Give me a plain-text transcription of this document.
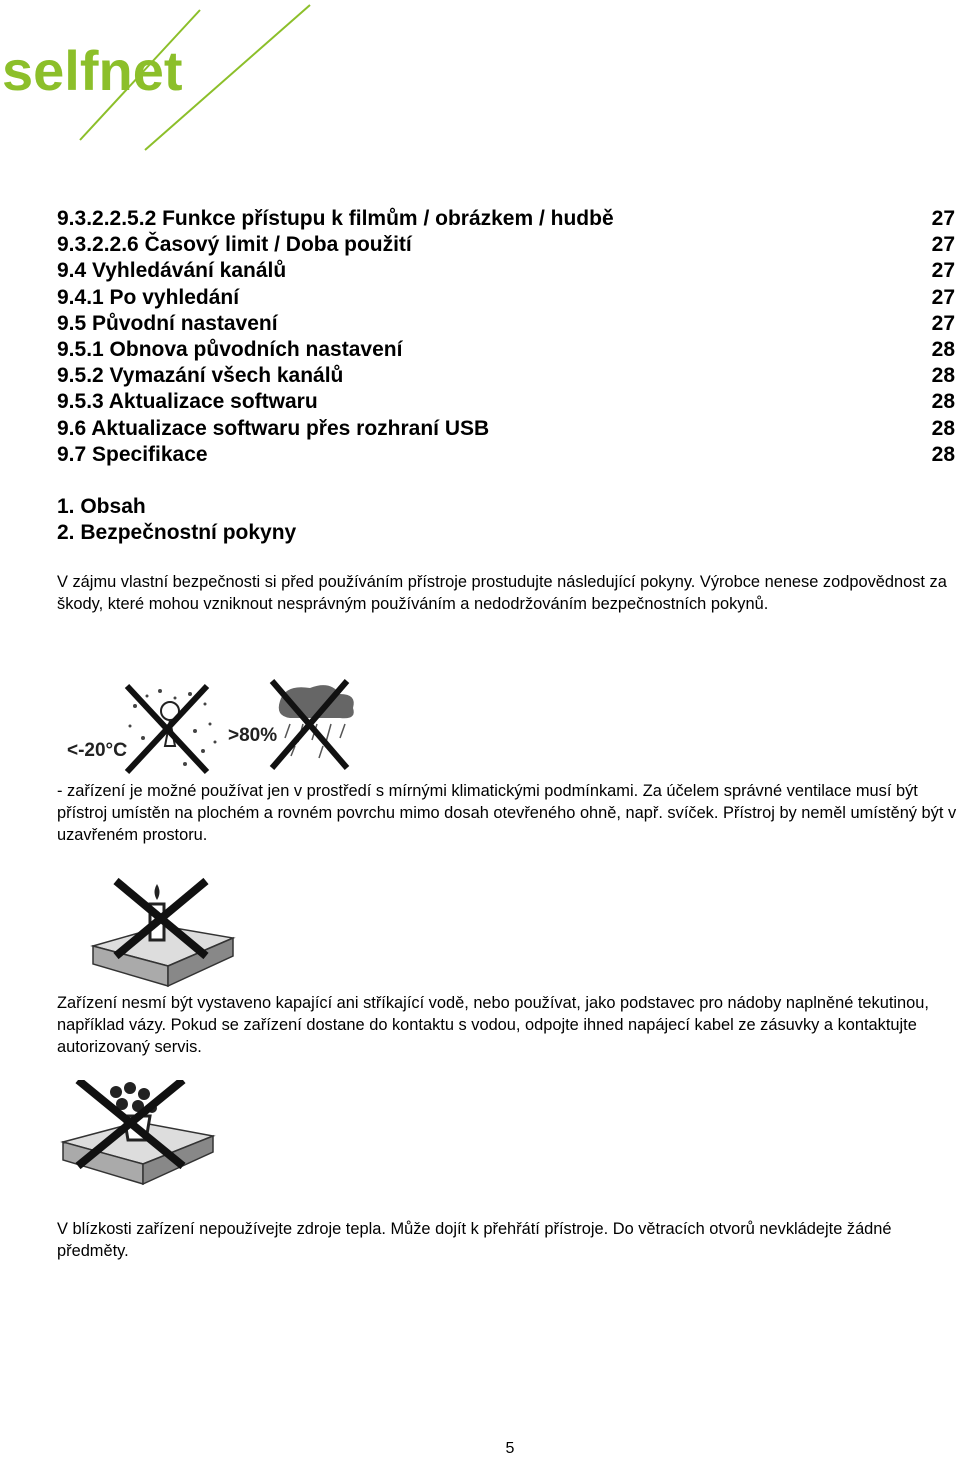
selfnet
9.3.2.2.5.2 Funkce přístupu k filmům / obrázkem / hudbě	27
9.3.2.2.6 Časový limit / Doba použití	27
9.4 Vyhledávání kanálů	27
9.4.1 Po vyhledání	27
9.5 Původní nastavení	27
9.5.1 Obnova původních nastavení	28
9.5.2 Vymazání všech kanálů	28
9.5.3 Aktualizace softwaru	28
9.6 Aktualizace softwaru přes rozhraní USB	28
9.7 Specifikace	28
1. Obsah
2. Bezpečnostní pokyny
V zájmu vlastní bezpečnosti si před používáním přístroje prostudujte následující pokyny. Výrobce nenese zodpovědnost za škody, které mohou vzniknout nesprávným používáním a nedodržováním bezpečnostních pokynů.
<-20°C
>80%
- zařízení je možné používat jen v prostředí s mírnými klimatickými podmínkami. Za účelem správné ventilace musí být přístroj umístěn na plochém a rovném povrchu mimo dosah otevřeného ohně, např. svíček. Přístroj by neměl umístěný být v uzavřeném prostoru.
Zařízení nesmí být vystaveno kapající ani stříkající vodě, nebo používat, jako podstavec pro nádoby naplněné tekutinou, například vázy. Pokud se zařízení dostane do kontaktu s vodou, odpojte ihned napájecí kabel ze zásuvky a kontaktujte autorizovaný servis.
V blízkosti zařízení nepoužívejte zdroje tepla. Může dojít k přehřátí přístroje. Do větracích otvorů nevkládejte žádné předměty.
5
